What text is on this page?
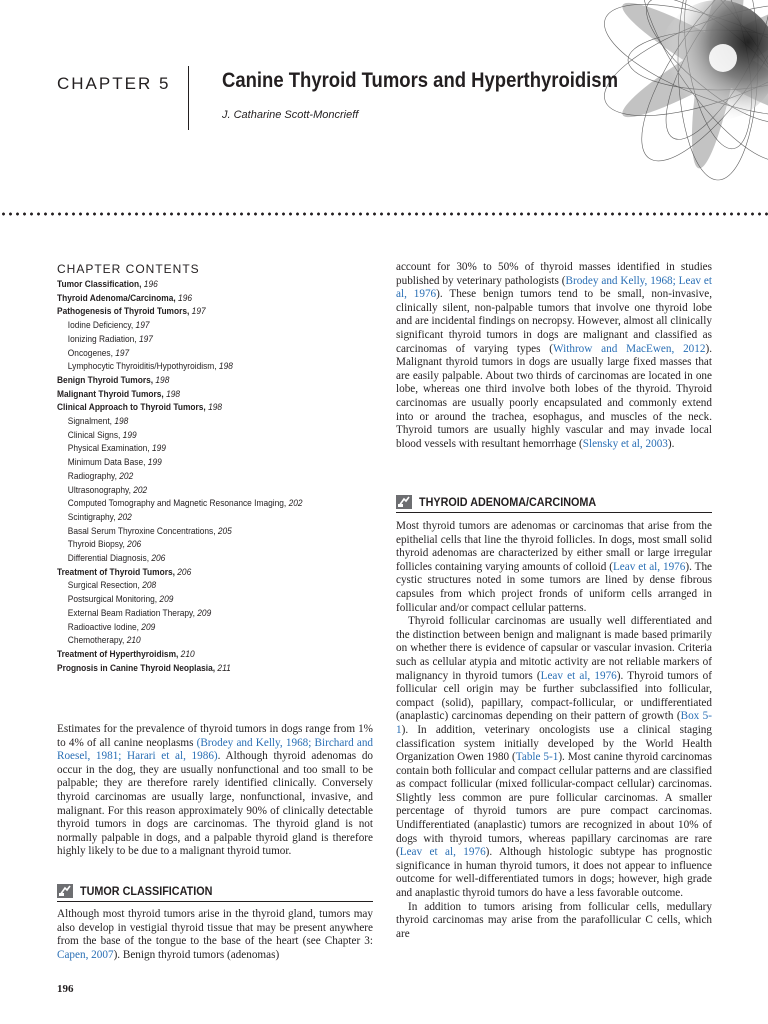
CHAPTER 5 Canine Thyroid Tumors and Hyperthyroidism
J. Catharine Scott-Moncrieff
CHAPTER CONTENTS
Tumor Classification, 196
Thyroid Adenoma/Carcinoma, 196
Pathogenesis of Thyroid Tumors, 197
Iodine Deficiency, 197
Ionizing Radiation, 197
Oncogenes, 197
Lymphocytic Thyroiditis/Hypothyroidism, 198
Benign Thyroid Tumors, 198
Malignant Thyroid Tumors, 198
Clinical Approach to Thyroid Tumors, 198
Signalment, 198
Clinical Signs, 199
Physical Examination, 199
Minimum Data Base, 199
Radiography, 202
Ultrasonography, 202
Computed Tomography and Magnetic Resonance Imaging, 202
Scintigraphy, 202
Basal Serum Thyroxine Concentrations, 205
Thyroid Biopsy, 206
Differential Diagnosis, 206
Treatment of Thyroid Tumors, 206
Surgical Resection, 208
Postsurgical Monitoring, 209
External Beam Radiation Therapy, 209
Radioactive Iodine, 209
Chemotherapy, 210
Treatment of Hyperthyroidism, 210
Prognosis in Canine Thyroid Neoplasia, 211

Estimates for the prevalence of thyroid tumors in dogs range from 1% to 4% of all canine neoplasms (Brodey and Kelly, 1968; Birchard and Roesel, 1981; Harari et al, 1986). Although thyroid adenomas do occur in the dog, they are usually nonfunctional and too small to be palpable; they are therefore rarely identified clinically. Conversely thyroid carcinomas are usually large, nonfunctional, invasive, and malignant. For this reason approximately 90% of clinically detectable thyroid tumors in dogs are carcinomas. The thyroid gland is not normally palpable in dogs, and a palpable thyroid gland is therefore highly likely to be due to a malignant thyroid tumor.

TUMOR CLASSIFICATION

Although most thyroid tumors arise in the thyroid gland, tumors may also develop in vestigial thyroid tissue that may be present anywhere from the base of the tongue to the base of the heart (see Chapter 3: Capen, 2007). Benign thyroid tumors (adenomas)

account for 30% to 50% of thyroid masses identified in studies published by veterinary pathologists (Brodey and Kelly, 1968; Leav et al, 1976). These benign tumors tend to be small, non-invasive, clinically silent, non-palpable tumors that involve one thyroid lobe and are incidental findings on necropsy. However, almost all clinically significant thyroid tumors in dogs are malignant and classified as carcinomas of varying types (Withrow and MacEwen, 2012). Malignant thyroid tumors in dogs are usually large fixed masses that are easily palpable. About two thirds of carcinomas are located in one lobe, whereas one third involve both lobes of the thyroid. Thyroid carcinomas are usually poorly encapsulated and commonly extend into or around the trachea, esophagus, and muscles of the neck. Thyroid tumors are usually highly vascular and may invade local blood vessels with resultant hemorrhage (Slensky et al, 2003).

THYROID ADENOMA/CARCINOMA

Most thyroid tumors are adenomas or carcinomas that arise from the epithelial cells that line the thyroid follicles. In dogs, most small solid thyroid adenomas are characterized by either small or large irregular follicles containing varying amounts of colloid (Leav et al, 1976). The cystic structures noted in some tumors are lined by dense fibrous capsules from which project fronds of uniform cells arranged in follicular and/or compact cellular patterns.

Thyroid follicular carcinomas are usually well differentiated and the distinction between benign and malignant is made based primarily on whether there is evidence of capsular or vascular invasion. Criteria such as cellular atypia and mitotic activity are not reliable markers of malignancy in thyroid tumors (Leav et al, 1976). Thyroid tumors of follicular cell origin may be further subclassified into follicular, compact (solid), papillary, compact-follicular, or undifferentiated (anaplastic) carcinomas depending on their pattern of growth (Box 5-1). In addition, veterinary oncologists use a clinical staging classification system initially developed by the World Health Organization Owen 1980 (Table 5-1). Most canine thyroid carcinomas contain both follicular and compact cellular patterns and are classified as compact follicular (mixed follicular-compact cellular) carcinomas. Slightly less common are pure follicular carcinomas. A smaller percentage of thyroid tumors are pure compact carcinomas. Undifferentiated (anaplastic) tumors are recognized in about 10% of dogs with thyroid tumors, whereas papillary carcinomas are rare (Leav et al, 1976). Although histologic subtype has prognostic significance in human thyroid tumors, it does not appear to influence outcome for well-differentiated tumors in dogs; however, high grade and anaplastic thyroid tumors do have a less favorable outcome.

In addition to tumors arising from follicular cells, medullary thyroid carcinomas may arise from the parafollicular C cells, which are

196
